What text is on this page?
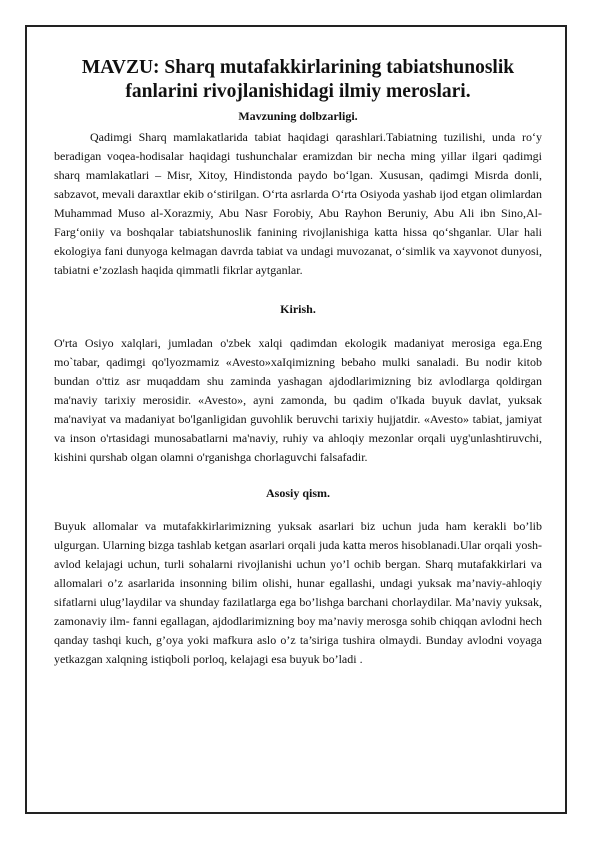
MAVZU: Sharq mutafakkirlarining tabiatshunoslik fanlarini rivojlanishidagi ilmiy meroslari.
Mavzuning dolbzarligi.

Qadimgi Sharq mamlakatlarida tabiat haqidagi qarashlari.Tabiatning tuzilishi, unda ro‘y beradigan voqea-hodisalar haqidagi tushunchalar eramizdan bir necha ming yillar ilgari qadimgi sharq mamlakatlari – Misr, Xitoy, Hindistonda paydo bo‘lgan. Xususan, qadimgi Misrda donli, sabzavot, mevali daraxtlar ekib o‘stirilgan. O‘rta asrlarda O‘rta Osiyoda yashab ijod etgan olimlardan Muhammad Muso al-Xorazmiy, Abu Nasr Forobiy, Abu Rayhon Beruniy, Abu Ali ibn Sino,Al-Farg‘oniiy va boshqalar tabiatshunoslik fanining rivojlanishiga katta hissa qo‘shganlar. Ular hali ekologiya fani dunyoga kelmagan davrda tabiat va undagi muvozanat, o‘simlik va xayvonot dunyosi, tabiatni e’zozlash haqida qimmatli fikrlar aytganlar.

Kirish.

O'rta Osiyo xalqlari, jumladan o'zbek xalqi qadimdan ekologik madaniyat merosiga ega.Eng mo`tabar, qadimgi qo'lyozmamiz «Avesto»xaIqimizning bebaho mulki sanaladi. Bu nodir kitob bundan o'ttiz asr muqaddam shu zaminda yashagan ajdodlarimizning biz avlodlarga qoldirgan ma'naviy tarixiy merosidir. «Avesto», ayni zamonda, bu qadim o'Ikada buyuk davlat, yuksak ma'naviyat va madaniyat bo'lganligidan guvohlik beruvchi tarixiy hujjatdir. «Avesto» tabiat, jamiyat va inson o'rtasidagi munosabatlarni ma'naviy, ruhiy va ahloqiy mezonlar orqali uyg'unlashtiruvchi, kishini qurshab olgan olamni o'rganishga chorlaguvchi falsafadir.

Asosiy qism.

Buyuk allomalar va mutafakkirlarimizning yuksak asarlari biz uchun juda ham kerakli bo’lib ulgurgan. Ularning bizga tashlab ketgan asarlari orqali juda katta meros hisoblanadi.Ular orqali yosh-avlod kelajagi uchun, turli sohalarni rivojlanishi uchun yo’l ochib bergan. Sharq mutafakkirlari va allomalari o’z asarlarida insonning bilim olishi, hunar egallashi, undagi yuksak ma’naviy-ahloqiy sifatlarni ulug’laydilar va shunday fazilatlarga ega bo’lishga barchani chorlaydilar. Ma’naviy yuksak, zamonaviy ilm- fanni egallagan, ajdodlarimizning boy ma’naviy merosga sohib chiqqan avlodni hech qanday tashqi kuch, g’oya yoki mafkura aslo o’z ta’siriga tushira olmaydi. Bunday avlodni voyaga yetkazgan xalqning istiqboli porloq, kelajagi esa buyuk bo’ladi .
